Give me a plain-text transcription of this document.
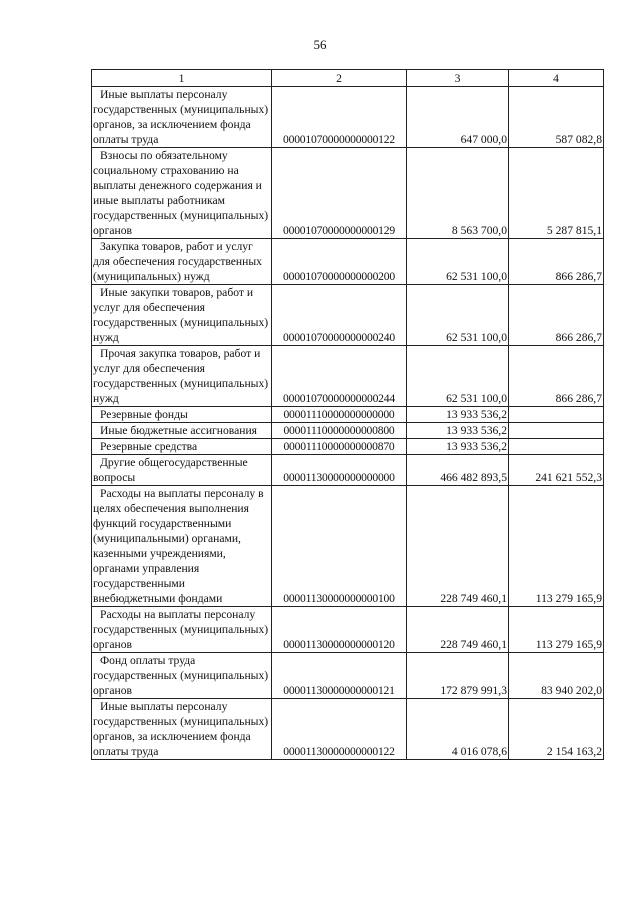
56
1	2	3	4
Иные выплаты персоналу государственных (муниципальных) органов, за исключением фонда оплаты труда	00001070000000000122	647 000,0	587 082,8
Взносы по обязательному социальному страхованию на выплаты денежного содержания и иные выплаты работникам государственных (муниципальных) органов	00001070000000000129	8 563 700,0	5 287 815,1
Закупка товаров, работ и услуг для обеспечения государственных (муниципальных) нужд	00001070000000000200	62 531 100,0	866 286,7
Иные закупки товаров, работ и услуг для обеспечения государственных (муниципальных) нужд	00001070000000000240	62 531 100,0	866 286,7
Прочая закупка товаров, работ и услуг для обеспечения государственных (муниципальных) нужд	00001070000000000244	62 531 100,0	866 286,7
Резервные фонды	00001110000000000000	13 933 536,2	
Иные бюджетные ассигнования	00001110000000000800	13 933 536,2	
Резервные средства	00001110000000000870	13 933 536,2	
Другие общегосударственные вопросы	00001130000000000000	466 482 893,5	241 621 552,3
Расходы на выплаты персоналу в целях обеспечения выполнения функций государственными (муниципальными) органами, казенными учреждениями, органами управления государственными внебюджетными фондами	00001130000000000100	228 749 460,1	113 279 165,9
Расходы на выплаты персоналу государственных (муниципальных) органов	00001130000000000120	228 749 460,1	113 279 165,9
Фонд оплаты труда государственных (муниципальных) органов	00001130000000000121	172 879 991,3	83 940 202,0
Иные выплаты персоналу государственных (муниципальных) органов, за исключением фонда оплаты труда	00001130000000000122	4 016 078,6	2 154 163,2
